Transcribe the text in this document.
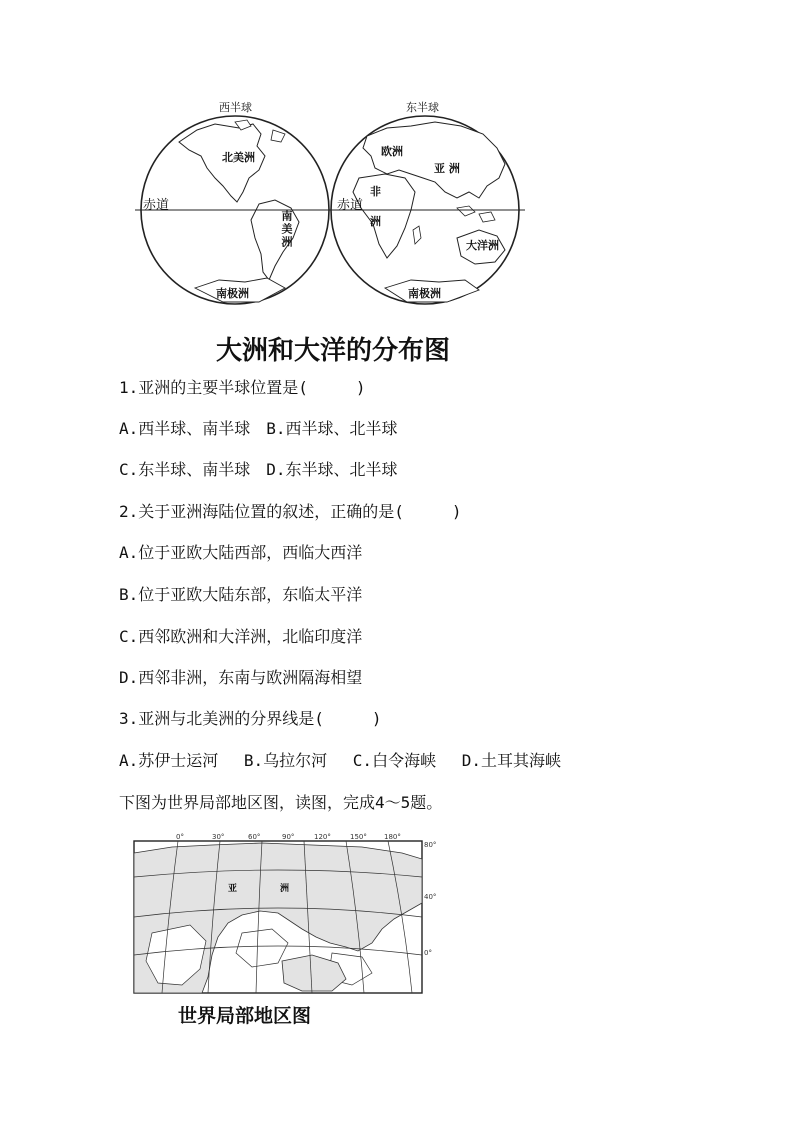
西半球	东半球
赤道	赤道
北美洲
南美洲
南极洲
欧洲
亚 洲
非
洲
大洋洲
南极洲
大洲和大洋的分布图
1.亚洲的主要半球位置是(　　　)
A.西半球、南半球　B.西半球、北半球
C.东半球、南半球　D.东半球、北半球
2.关于亚洲海陆位置的叙述，正确的是(　　　)
A.位于亚欧大陆西部，西临大西洋
B.位于亚欧大陆东部，东临太平洋
C.西邻欧洲和大洋洲，北临印度洋
D.西邻非洲，东南与欧洲隔海相望
3.亚洲与北美洲的分界线是(　　　)
A.苏伊士运河　 B.乌拉尔河　 C.白令海峡　 D.土耳其海峡
下图为世界局部地区图，读图，完成4～5题。
0°	30°	60°	90°	120°	150° 180°
80°
40°
0°
亚	洲
世界局部地区图
